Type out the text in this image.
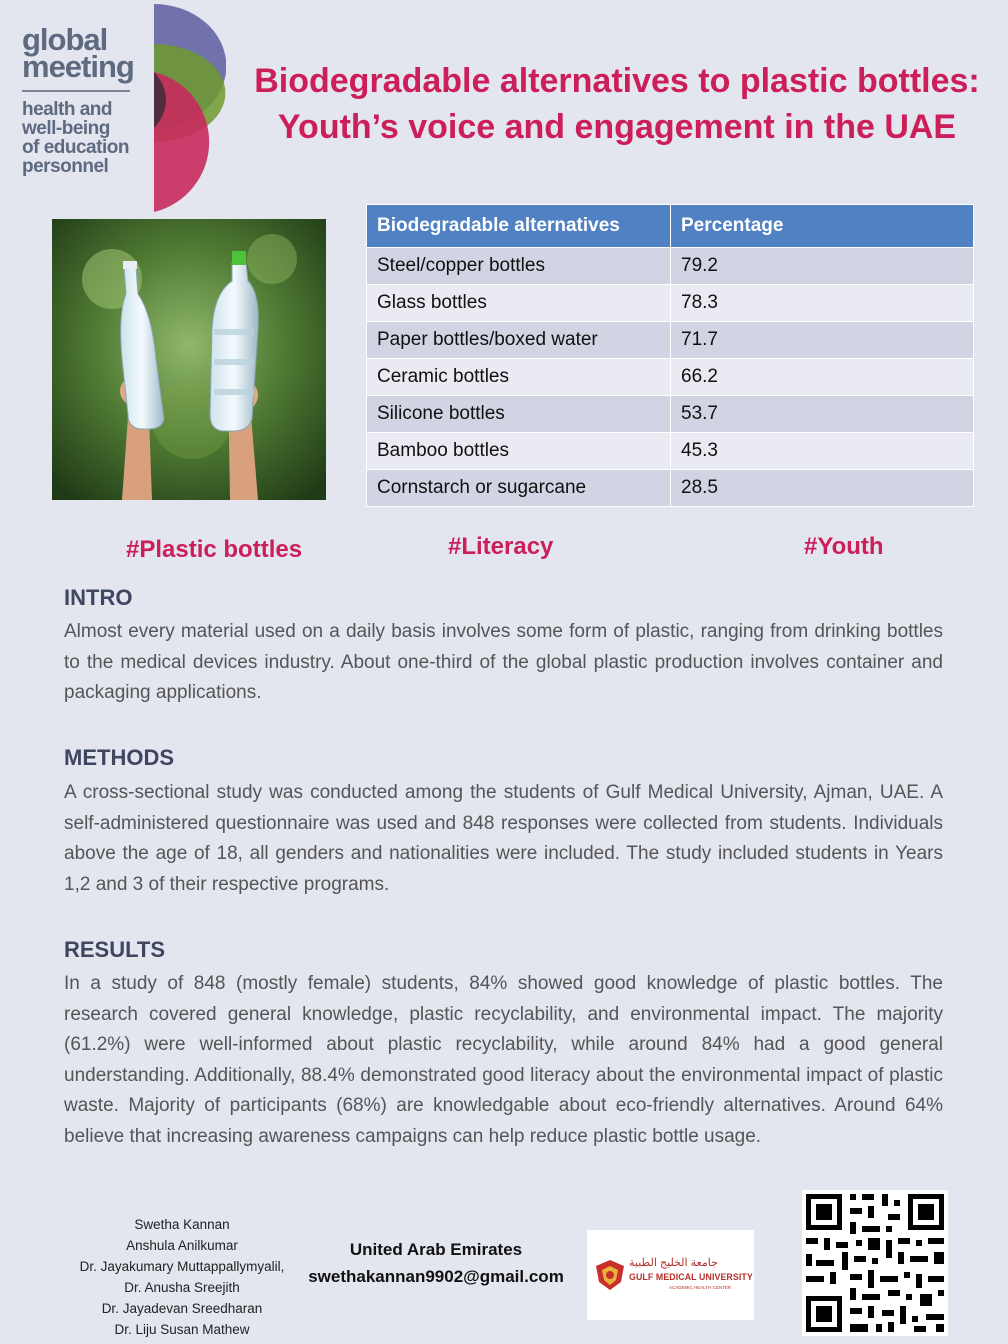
global
meeting
health and
well-being
of education
personnel
Biodegradable alternatives to plastic bottles:
Youth’s voice and engagement in the UAE
Biodegradable alternatives	Percentage
Steel/copper bottles	79.2
Glass bottles	78.3
Paper bottles/boxed water	71.7
Ceramic bottles	66.2
Silicone bottles	53.7
Bamboo bottles	45.3
Cornstarch or sugarcane	28.5
#Plastic bottles	#Literacy	#Youth
INTRO
Almost every material used on a daily basis involves some form of plastic, ranging from drinking bottles to the medical devices industry. About one-third of the global plastic production involves container and packaging applications.
METHODS
A cross-sectional study was conducted among the students of Gulf Medical University, Ajman, UAE. A self-administered questionnaire was used and 848 responses were collected from students. Individuals above the age of 18, all genders and nationalities were included. The study included students in Years 1,2 and 3 of their respective programs.
RESULTS
In a study of 848 (mostly female) students, 84% showed good knowledge of plastic bottles. The research covered general knowledge, plastic recyclability, and environmental impact. The majority (61.2%) were well-informed about plastic recyclability, while around 84% had a good general understanding. Additionally, 88.4% demonstrated good literacy about the environmental impact of plastic waste. Majority of participants (68%) are knowledgable about eco-friendly alternatives. Around 64% believe that increasing awareness campaigns can help reduce plastic bottle usage.
Swetha Kannan
Anshula Anilkumar
Dr. Jayakumary Muttappallymyalil,
Dr. Anusha Sreejith
Dr. Jayadevan Sreedharan
Dr. Liju Susan Mathew
United Arab Emirates
swethakannan9902@gmail.com
جامعة الخليج الطبية
GULF MEDICAL UNIVERSITY
ACADEMIC HEALTH CENTER
